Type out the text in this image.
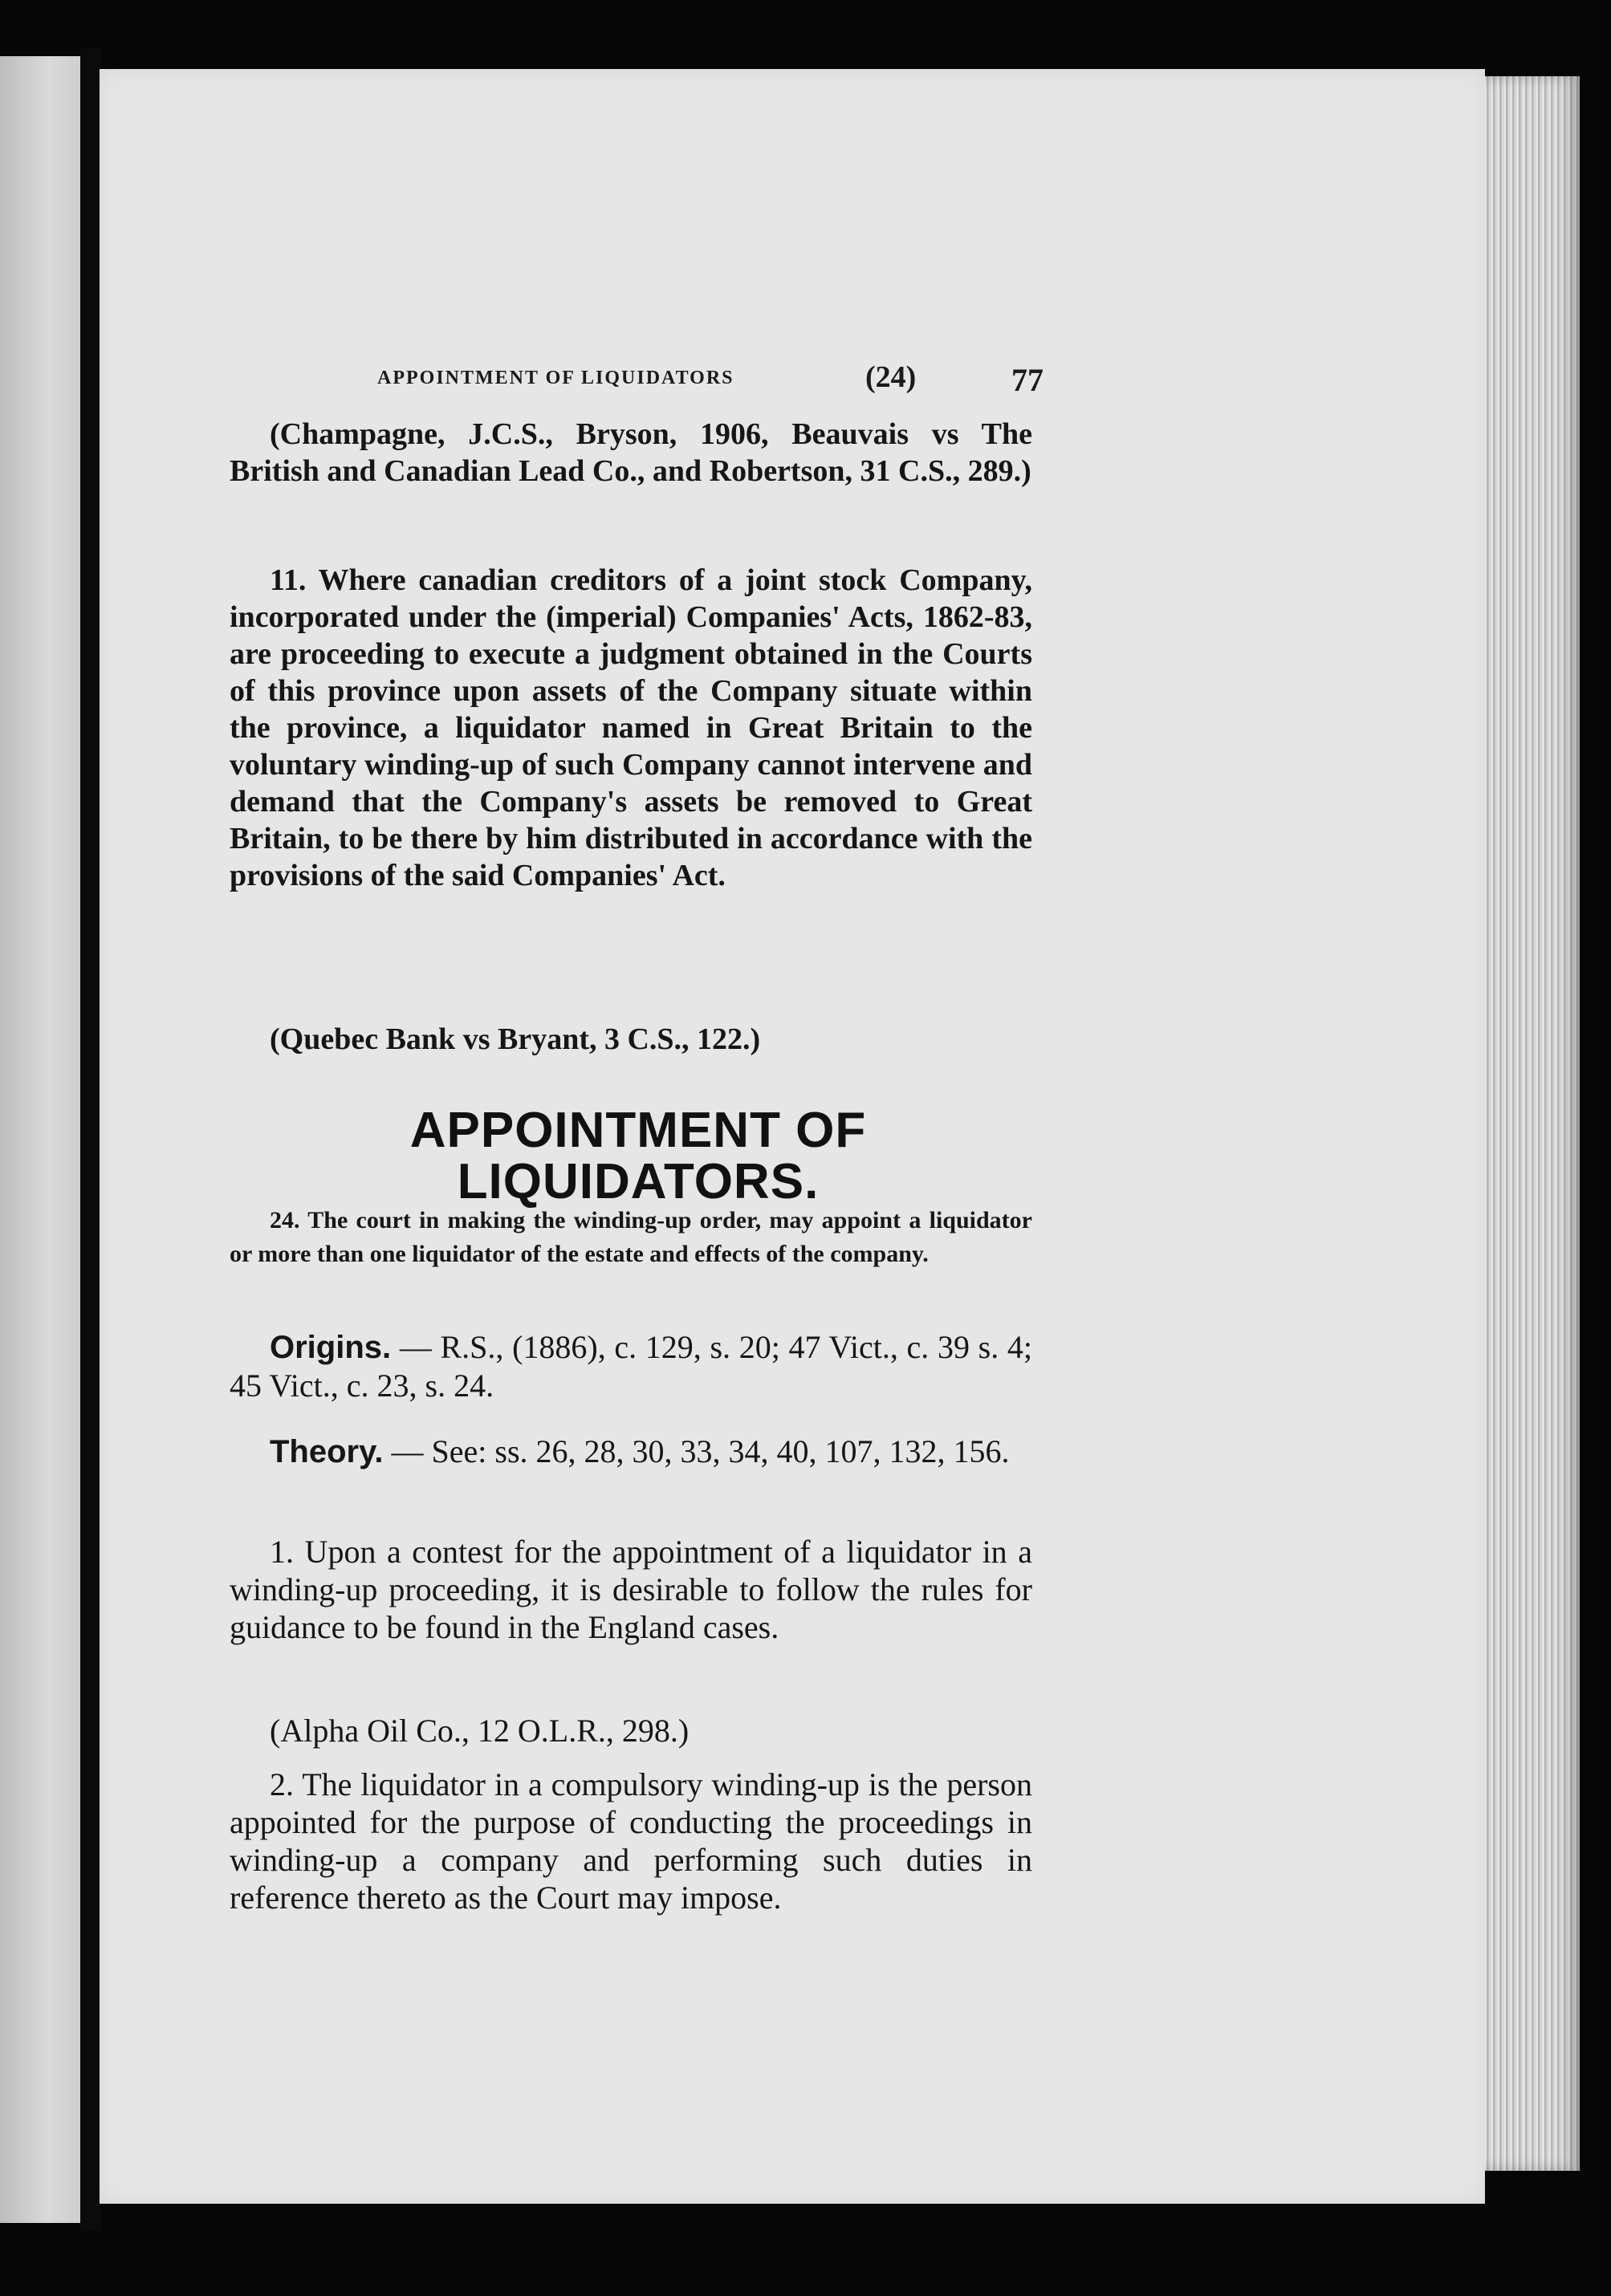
APPOINTMENT OF LIQUIDATORS	(24)	77
(Champagne, J.C.S., Bryson, 1906, Beauvais vs The British and Canadian Lead Co., and Robertson, 31 C.S., 289.)
11. Where canadian creditors of a joint stock Company, incorporated under the (imperial) Companies' Acts, 1862-83, are proceeding to execute a judgment obtained in the Courts of this province upon assets of the Company situate within the province, a liquidator named in Great Britain to the voluntary winding-up of such Company cannot intervene and demand that the Company's assets be removed to Great Britain, to be there by him distributed in accordance with the provisions of the said Companies' Act.
(Quebec Bank vs Bryant, 3 C.S., 122.)
APPOINTMENT OF LIQUIDATORS.
24. The court in making the winding-up order, may appoint a liquidator or more than one liquidator of the estate and effects of the company.
Origins. — R.S., (1886), c. 129, s. 20; 47 Vict., c. 39 s. 4; 45 Vict., c. 23, s. 24.
Theory. — See: ss. 26, 28, 30, 33, 34, 40, 107, 132, 156.
1. Upon a contest for the appointment of a liquidator in a winding-up proceeding, it is desirable to follow the rules for guidance to be found in the England cases.
(Alpha Oil Co., 12 O.L.R., 298.)
2. The liquidator in a compulsory winding-up is the person appointed for the purpose of conducting the proceedings in winding-up a company and performing such duties in reference thereto as the Court may impose.
